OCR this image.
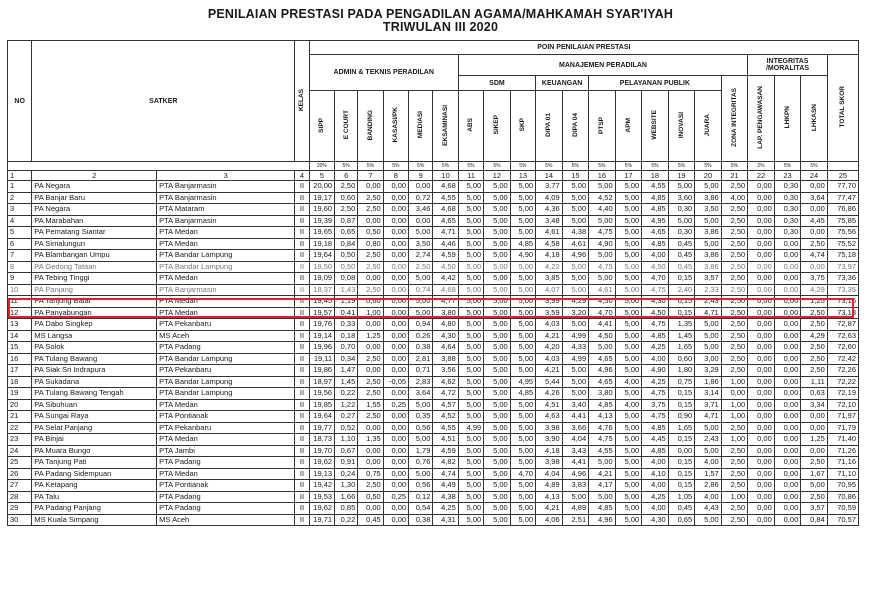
PENILAIAN PRESTASI PADA PENGADILAN AGAMA/MAHKAMAH SYAR'IYAH
TRIWULAN III 2020
NO	SATKER		KELAS	POIN PENILAIAN PRESTASI																				
				ADMIN & TEKNIS PERADILAN						MANAJEMEN PERADILAN											INTEGRITAS /MORALITAS			TOTAL SKOR
										SDM			KEUANGAN		PELAYANAN PUBLIK					ZONA INTEGRITAS	LAP. PENGAWASAN	LHKPN	LHKASN	
				SIPP	E COURT	BANDING	KASASI/PK	MEDIASI	EKSAMINASI	ABS	SIKEP	SKP	DIPA 01	DIPA 04	PTSP	APM	WEBSITE	INOVASI	JUARA					
				20%	5%	5%	5%	5%	5%	5%	5%	5%	5%	5%	5%	5%	5%	5%	5%	5%	2%	5%	5%	
1	2	3	4	5	6	7	8	9	10	11	12	13	14	15	16	17	18	19	20	21	22	23	24	25
1	PA Negara	PTA Banjarmasin	II	20,00	2,50	0,00	0,00	0,00	4,68	5,00	5,00	5,00	3,77	5,00	5,00	5,00	4,55	5,00	5,00	2,50	0,00	0,30	0,00	77,70
2	PA Banjar Baru	PTA Banjarmasin	II	19,17	0,60	2,50	0,00	0,72	4,55	5,00	5,00	5,00	4,09	5,00	4,52	5,00	4,85	3,60	3,86	4,00	0,00	0,30	3,64	77,47
3	PA Negara	PTA Mataram	II	19,60	2,50	2,50	0,00	3,46	4,68	5,00	5,00	5,00	4,36	5,00	4,40	5,00	4,85	0,30	3,50	2,50	0,00	0,30	0,00	76,86
4	PA Marabahan	PTA Banjarmasin	II	19,39	0,87	0,00	0,00	0,00	4,65	5,00	5,00	5,00	3,48	5,00	5,00	5,00	4,95	5,00	5,00	2,50	0,00	0,30	4,45	75,85
5	PA Pematang Siantar	PTA Medan	II	19,65	0,65	0,50	0,00	5,00	4,71	5,00	5,00	5,00	4,61	4,38	4,75	5,00	4,65	0,30	3,86	2,50	0,00	0,30	0,00	75,56
6	PA Simalungun	PTA Medan	II	19,18	0,84	0,80	0,00	3,50	4,46	5,00	5,00	4,85	4,58	4,61	4,90	5,00	4,85	0,45	5,00	2,50	0,00	0,00	2,50	75,52
7	PA Blambangan Umpu	PTA Bandar Lampung	II	19,64	0,50	2,50	0,00	2,74	4,59	5,00	5,00	4,90	4,18	4,96	5,00	5,00	4,00	0,45	3,86	2,50	0,00	0,00	4,74	75,18
8	PA Gedong Tataan	PTA Bandar Lampung	II	19,50	0,50	2,50	0,00	2,50	4,50	5,00	5,00	5,00	4,22	5,00	4,75	5,00	4,50	0,45	3,86	2,50	0,00	0,00	0,00	73,97
9	PA Tebing Tinggi	PTA Medan	II	19,09	0,08	0,00	0,00	5,00	4,42	5,00	5,00	5,00	3,85	5,00	5,00	5,00	4,70	0,15	3,57	2,50	0,00	0,00	3,75	73,36
10	PA Panjang	PTA Banjarmasin	II	18,37	1,43	2,50	0,00	0,74	4,68	5,00	5,00	5,00	4,07	5,00	4,61	5,00	4,75	2,40	2,33	2,50	0,00	0,00	4,29	73,35
11	PA Tanjung Balai	PTA Medan	II	19,45	1,19	0,60	0,00	5,00	4,77	5,00	5,00	5,00	3,99	4,29	4,50	5,00	4,30	0,15	2,43	2,50	0,00	0,00	1,25	73,16
12	PA Panyabungan	PTA Medan	II	19,57	0,41	1,00	0,00	5,00	3,80	5,00	5,00	5,00	3,59	3,20	4,70	5,00	4,50	0,15	4,71	2,50	0,00	0,00	2,50	73,13
13	PA Dabo Singkep	PTA Pekanbaru	II	19,76	0,33	0,00	0,00	0,94	4,80	5,00	5,00	5,00	4,03	5,00	4,41	5,00	4,75	1,35	5,00	2,50	0,00	0,00	2,50	72,87
14	MS Langsa	MS Aceh	II	19,14	0,18	1,25	0,00	0,26	4,30	5,00	5,00	5,00	4,21	4,99	4,50	5,00	4,85	1,45	5,00	2,50	0,00	0,00	4,29	72,63
15	PA Solok	PTA Padang	II	19,96	0,70	0,00	0,00	0,38	4,64	5,00	5,00	5,00	4,20	4,33	5,00	5,00	4,25	1,65	5,00	2,50	0,00	0,00	2,50	72,60
16	PA Tulang Bawang	PTA Bandar Lampung	II	19,11	0,34	2,50	0,00	2,81	3,88	5,00	5,00	5,00	4,03	4,99	4,65	5,00	4,00	0,60	3,00	2,50	0,00	0,00	2,50	72,42
17	PA Siak Sri Indrapura	PTA Pekanbaru	II	19,86	1,47	0,00	0,00	0,71	3,56	5,00	5,00	5,00	4,21	5,00	4,96	5,00	4,90	1,80	3,29	2,50	0,00	0,00	2,50	72,26
18	PA Sukadana	PTA Bandar Lampung	II	18,97	1,45	2,50	-0,05	2,83	4,62	5,00	5,00	4,95	5,44	5,00	4,65	4,00	4,25	0,75	1,86	1,00	0,00	0,00	1,11	72,22
19	PA Tulang Bawang Tengah	PTA Bandar Lampung	II	19,56	0,22	2,50	0,00	3,64	4,72	5,00	5,00	4,85	4,26	5,00	3,80	5,00	4,75	0,15	3,14	0,00	0,00	0,00	0,63	72,19
20	PA Sibuhuan	PTA Medan	II	19,85	1,22	1,55	0,25	5,00	4,57	5,00	5,00	5,00	4,51	3,40	4,85	4,00	3,75	0,15	3,71	1,00	0,00	0,00	3,34	72,10
21	PA Sungai Raya	PTA Pontianak	II	19,64	0,27	2,50	0,00	0,35	4,52	5,00	5,00	5,00	4,63	4,41	4,13	5,00	4,75	0,90	4,71	1,00	0,00	0,00	0,00	71,97
22	PA Selat Panjang	PTA Pekanbaru	II	19,77	0,52	0,00	0,00	0,56	4,55	4,99	5,00	5,00	3,98	3,66	4,76	5,00	4,85	1,65	5,00	2,50	0,00	0,00	0,00	71,79
23	PA Binjai	PTA Medan	II	18,73	1,10	1,35	0,00	5,00	4,51	5,00	5,00	5,00	3,90	4,04	4,75	5,00	4,45	0,15	2,43	1,00	0,00	0,00	1,25	71,40
24	PA Muara Bungo	PTA Jambi	II	19,70	0,67	0,00	0,00	1,79	4,59	5,00	5,00	5,00	4,18	3,43	4,55	5,00	4,85	0,00	5,00	2,50	0,00	0,00	0,00	71,26
25	PA Tanjung Pati	PTA Padang	II	19,62	0,91	0,00	0,00	0,76	4,82	5,00	5,00	5,00	3,98	4,41	5,00	5,00	4,00	0,15	4,00	2,50	0,00	0,00	2,50	71,16
26	PA Padang Sidempuan	PTA Medan	II	19,13	0,24	0,75	0,00	5,00	4,74	5,00	5,00	4,70	4,04	4,96	4,21	5,00	4,10	0,15	1,57	2,50	0,00	0,00	1,67	71,10
27	PA Ketapang	PTA Pontianak	II	19,42	1,30	2,50	0,00	0,56	4,49	5,00	5,00	5,00	4,89	3,83	4,17	5,00	4,00	0,15	2,86	2,50	0,00	0,00	5,00	70,95
28	PA Talu	PTA Padang	II	19,53	1,66	0,50	0,25	0,12	4,38	5,00	5,00	5,00	4,13	5,00	5,00	5,00	4,25	1,05	4,00	1,00	0,00	0,00	2,50	70,86
29	PA Padang Panjang	PTA Padang	II	19,62	0,85	0,00	0,00	0,54	4,25	5,00	5,00	5,00	4,21	4,89	4,85	5,00	4,00	0,45	4,43	2,50	0,00	0,00	3,57	70,59
30	MS Kuala Simpang	MS Aceh	II	19,71	0,22	0,45	0,00	0,38	4,31	5,00	5,00	5,00	4,06	2,51	4,96	5,00	4,30	0,65	5,00	2,50	0,00	0,00	0,84	70,57
